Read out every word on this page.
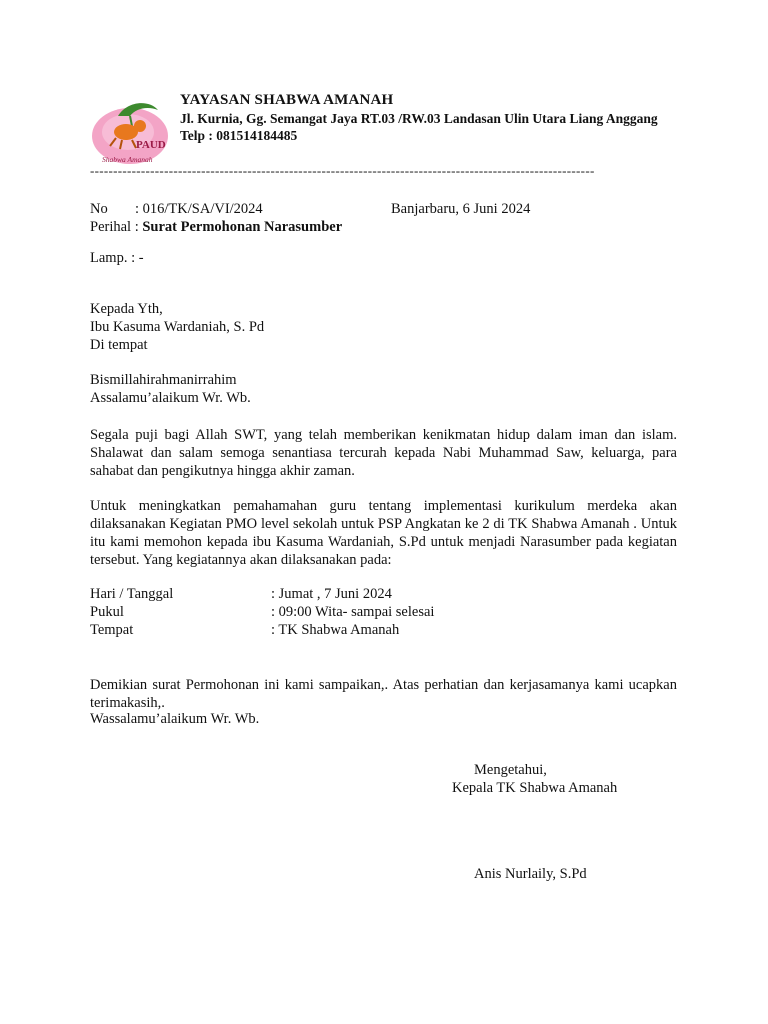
PAUD
Shabwa Amanah
YAYASAN SHABWA AMANAH
Jl. Kurnia, Gg. Semangat Jaya RT.03 /RW.03 Landasan Ulin Utara Liang Anggang
Telp : 081514184485
-------------------------------------------------------------------------------------------------------------
No : 016/TK/SA/VI/2024	Banjarbaru, 6 Juni 2024
Perihal : Surat Permohonan Narasumber
Lamp. : -
Kepada Yth,
Ibu Kasuma Wardaniah, S. Pd
Di tempat
Bismillahirahmanirrahim
Assalamu’alaikum Wr. Wb.

Segala puji bagi Allah SWT, yang telah memberikan kenikmatan hidup dalam iman dan islam. Shalawat dan salam semoga senantiasa tercurah kepada Nabi Muhammad Saw, keluarga, para sahabat dan pengikutnya hingga akhir zaman.

Untuk meningkatkan pemahamahan guru tentang implementasi kurikulum merdeka akan dilaksanakan Kegiatan PMO level sekolah untuk PSP Angkatan ke 2 di TK Shabwa Amanah . Untuk itu kami memohon kepada ibu Kasuma Wardaniah, S.Pd untuk menjadi Narasumber pada kegiatan tersebut. Yang kegiatannya akan dilaksanakan pada:

Hari / Tanggal	: Jumat , 7 Juni 2024
Pukul	: 09:00 Wita- sampai selesai
Tempat	: TK Shabwa Amanah

Demikian surat Permohonan ini kami sampaikan,. Atas perhatian dan kerjasamanya kami ucapkan terimakasih,.

Wassalamu’alaikum Wr. Wb.
Mengetahui,
Kepala TK Shabwa Amanah
Anis Nurlaily, S.Pd
